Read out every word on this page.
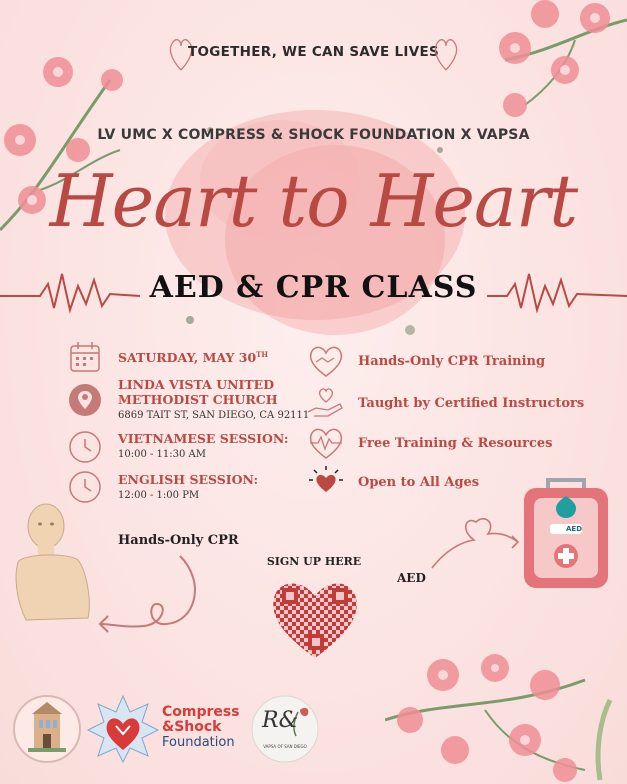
TOGETHER, WE CAN SAVE LIVES
LV UMC X COMPRESS & SHOCK FOUNDATION X VAPSA
Heart to Heart
AED & CPR CLASS
SATURDAY, MAY 30TH
LINDA VISTA UNITED
METHODIST CHURCH
6869 TAIT ST, SAN DIEGO, CA 92111
VIETNAMESE SESSION:
10:00 - 11:30 AM
ENGLISH SESSION:
12:00 - 1:00 PM
Hands-Only CPR Training
Taught by Certified Instructors
Free Training & Resources
Open to All Ages
Hands-Only CPR
SIGN UP HERE
AED
AED
Compress
&Shock
Foundation
R&
VAPSA OF SAN DIEGO
